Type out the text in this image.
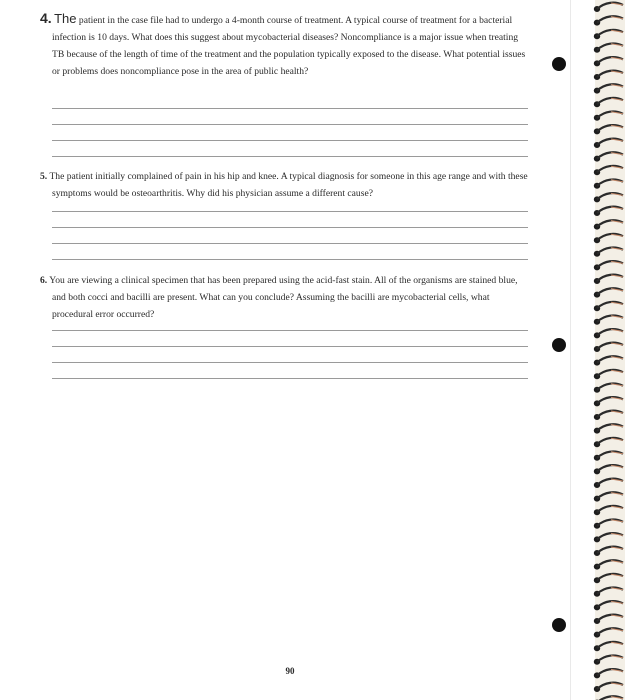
4. The patient in the case file had to undergo a 4-month course of treatment. A typical course of treatment for a bacterial infection is 10 days. What does this suggest about mycobacterial diseases? Noncompliance is a major issue when treating TB because of the length of time of the treatment and the population typically exposed to the disease. What potential issues or problems does noncompliance pose in the area of public health?

5. The patient initially complained of pain in his hip and knee. A typical diagnosis for someone in this age range and with these symptoms would be osteoarthritis. Why did his physician assume a different cause?

6. You are viewing a clinical specimen that has been prepared using the acid-fast stain. All of the organisms are stained blue, and both cocci and bacilli are present. What can you conclude? Assuming the bacilli are mycobacterial cells, what procedural error occurred?

90
